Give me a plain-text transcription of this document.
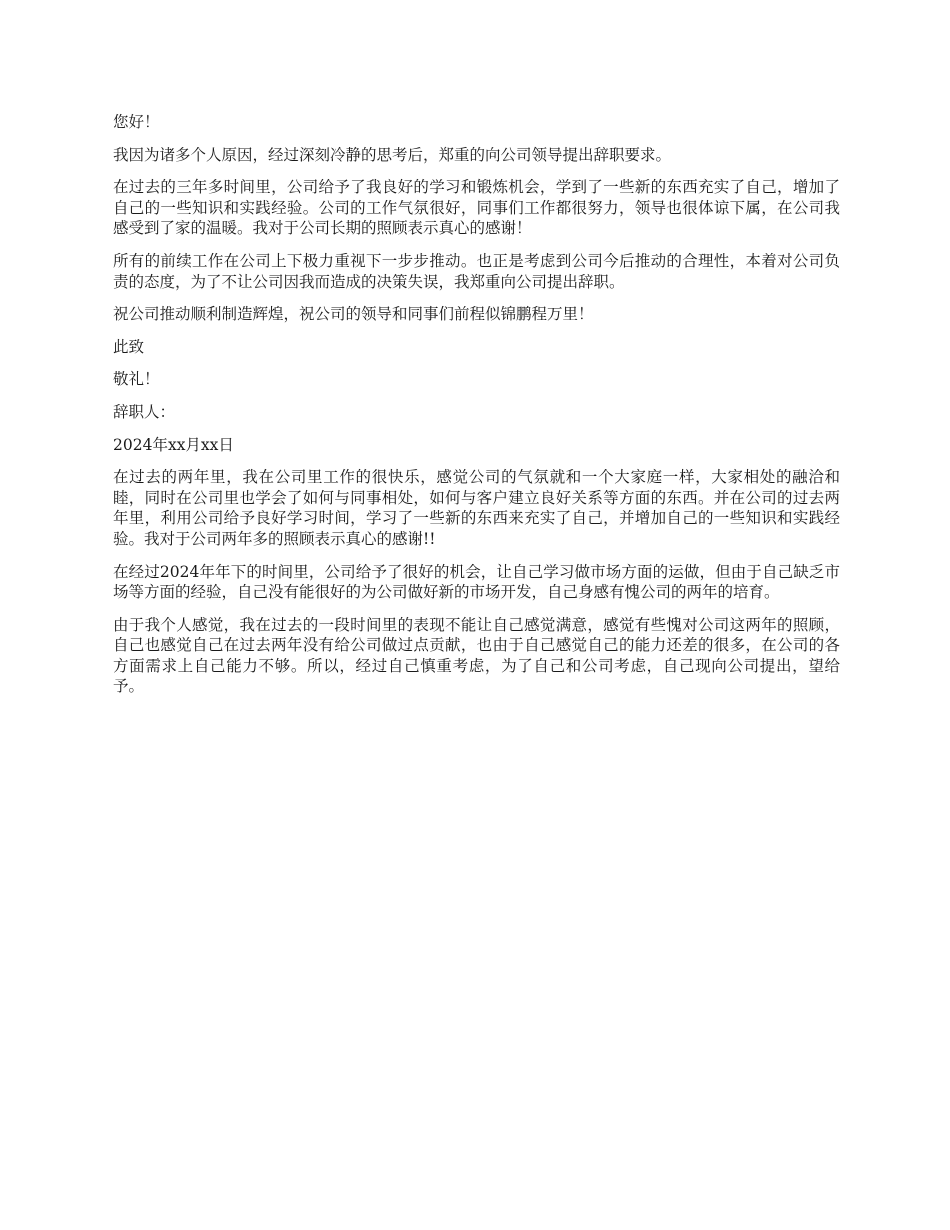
您好！

我因为诸多个人原因，经过深刻冷静的思考后，郑重的向公司领导提出辞职要求。

在过去的三年多时间里，公司给予了我良好的学习和锻炼机会，学到了一些新的东西充实了自己，增加了自己的一些知识和实践经验。公司的工作气氛很好，同事们工作都很努力，领导也很体谅下属，在公司我感受到了家的温暖。我对于公司长期的照顾表示真心的感谢！

所有的前续工作在公司上下极力重视下一步步推动。也正是考虑到公司今后推动的合理性，本着对公司负责的态度，为了不让公司因我而造成的决策失误，我郑重向公司提出辞职。

祝公司推动顺利制造辉煌，祝公司的领导和同事们前程似锦鹏程万里！

此致

敬礼！

辞职人：

2024年xx月xx日

在过去的两年里，我在公司里工作的很快乐，感觉公司的气氛就和一个大家庭一样，大家相处的融洽和睦，同时在公司里也学会了如何与同事相处，如何与客户建立良好关系等方面的东西。并在公司的过去两年里，利用公司给予良好学习时间，学习了一些新的东西来充实了自己，并增加自己的一些知识和实践经验。我对于公司两年多的照顾表示真心的感谢!!

在经过2024年年下的时间里，公司给予了很好的机会，让自己学习做市场方面的运做，但由于自己缺乏市场等方面的经验，自己没有能很好的为公司做好新的市场开发，自己身感有愧公司的两年的培育。

由于我个人感觉，我在过去的一段时间里的表现不能让自己感觉满意，感觉有些愧对公司这两年的照顾，自己也感觉自己在过去两年没有给公司做过点贡献，也由于自己感觉自己的能力还差的很多，在公司的各方面需求上自己能力不够。所以，经过自己慎重考虑，为了自己和公司考虑，自己现向公司提出，望给予。
